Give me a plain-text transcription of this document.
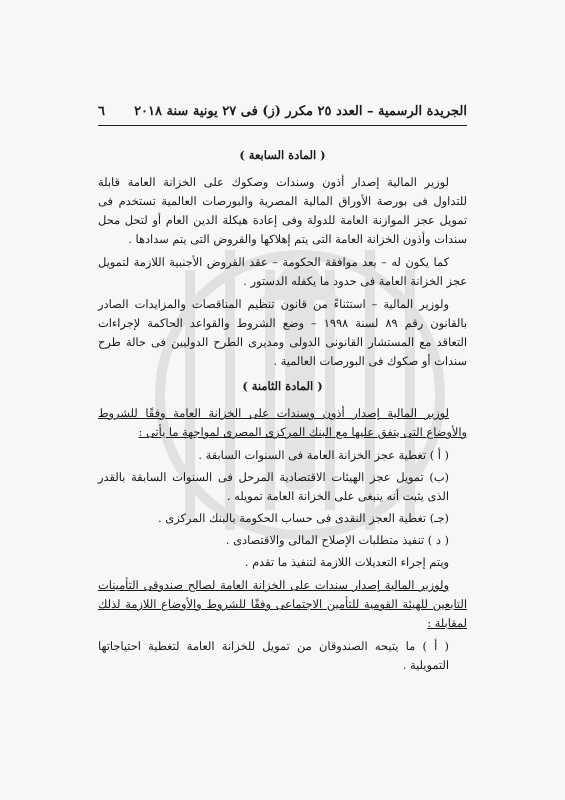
الجريدة الرسمية – العدد ٢٥ مكرر (ز) فى ٢٧ يونية سنة ٢٠١٨
٦
( المادة السابعة )

لوزير المالية إصدار أذون وسندات وصكوك على الخزانة العامة قابلة للتداول فى بورصة الأوراق المالية المصرية والبورصات العالمية تستخدم فى تمويل عجز الموازنة العامة للدولة وفى إعادة هيكلة الدين العام أو لتحل محل سندات وأذون الخزانة العامة التى يتم إهلاكها والقروض التى يتم سدادها .

كما يكون له – بعد موافقة الحكومة – عقد القروض الأجنبية اللازمة لتمويل عجز الخزانة العامة فى حدود ما يكفله الدستور .

ولوزير المالية – استثناءً من قانون تنظيم المناقصات والمزايدات الصادر بالقانون رقم ٨٩ لسنة ١٩٩٨ – وضع الشروط والقواعد الحاكمة لإجراءات التعاقد مع المستشار القانونى الدولى ومديرى الطرح الدوليين فى حالة طرح سندات أو صكوك فى البورصات العالمية .

( المادة الثامنة )

لوزير المالية إصدار أذون وسندات على الخزانة العامة وفقًا للشروط والأوضاع التى يتفق عليها مع البنك المركزى المصرى لمواجهة ما يأتى :

( أ ) تغطية عجز الخزانة العامة فى السنوات السابقة .

(ب) تمويل عجز الهيئات الاقتصادية المرحل فى السنوات السابقة بالقدر الذى يثبت أنه ينبغى على الخزانة العامة تمويله .

(جـ) تغطية العجز النقدى فى حساب الحكومة بالبنك المركزى .

( د ) تنفيذ متطلبات الإصلاح المالى والاقتصادى .

ويتم إجراء التعديلات اللازمة لتنفيذ ما تقدم .

ولوزير المالية إصدار سندات على الخزانة العامة لصالح صندوقى التأمينات التابعين للهيئة القومية للتأمين الاجتماعى وفقًا للشروط والأوضاع اللازمة لذلك لمقابلة :

( أ ) ما يتيحه الصندوقان من تمويل للخزانة العامة لتغطية احتياجاتها التمويلية .
